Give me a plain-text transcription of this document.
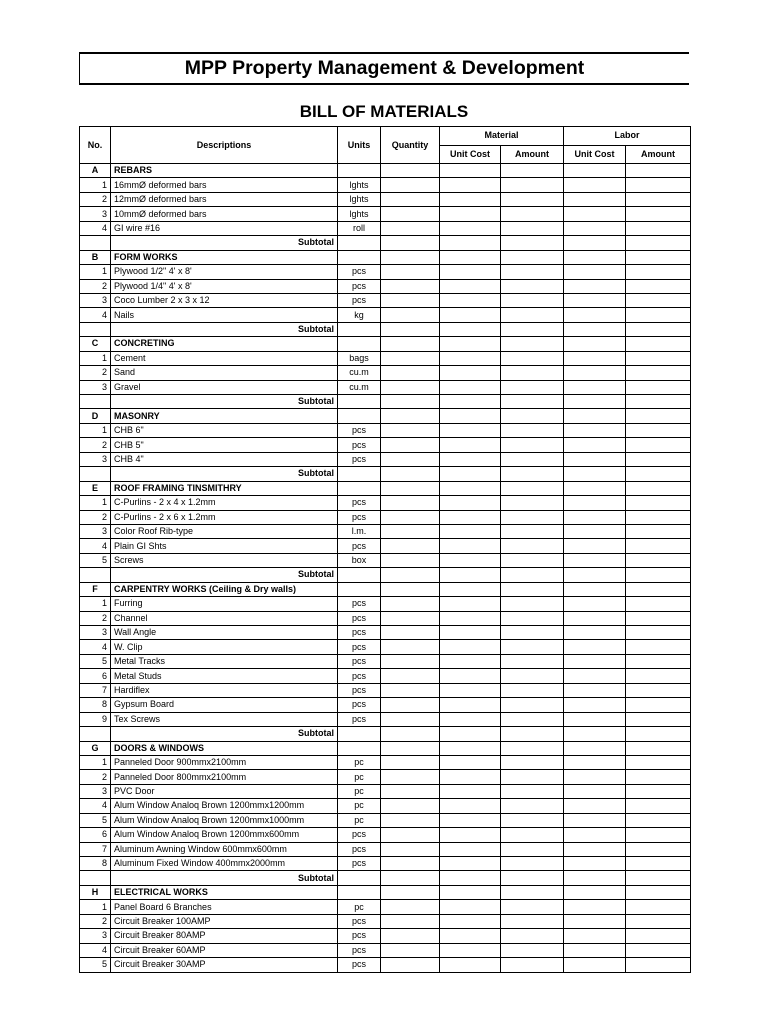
MPP Property Management & Development
BILL OF MATERIALS
No.	Descriptions	Units	Quantity	Material		Labor	
				Unit Cost	Amount	Unit Cost	Amount
A	REBARS						
1	16mmØ deformed bars	lghts					
2	12mmØ deformed bars	lghts					
3	10mmØ deformed bars	lghts					
4	GI wire #16	roll					
	Subtotal						
B	FORM WORKS						
1	Plywood 1/2" 4' x 8'	pcs					
2	Plywood 1/4" 4' x 8'	pcs					
3	Coco Lumber 2 x 3 x 12	pcs					
4	Nails	kg					
	Subtotal						
C	CONCRETING						
1	Cement	bags					
2	Sand	cu.m					
3	Gravel	cu.m					
	Subtotal						
D	MASONRY						
1	CHB 6"	pcs					
2	CHB 5"	pcs					
3	CHB 4"	pcs					
	Subtotal						
E	ROOF FRAMING TINSMITHRY						
1	C-Purlins - 2 x 4 x 1.2mm	pcs					
2	C-Purlins - 2 x 6 x 1.2mm	pcs					
3	Color Roof Rib-type	l.m.					
4	Plain GI Shts	pcs					
5	Screws	box					
	Subtotal						
F	CARPENTRY WORKS (Ceiling & Dry walls)						
1	Furring	pcs					
2	Channel	pcs					
3	Wall Angle	pcs					
4	W. Clip	pcs					
5	Metal Tracks	pcs					
6	Metal Studs	pcs					
7	Hardiflex	pcs					
8	Gypsum Board	pcs					
9	Tex Screws	pcs					
	Subtotal						
G	DOORS & WINDOWS						
1	Panneled Door 900mmx2100mm	pc					
2	Panneled Door 800mmx2100mm	pc					
3	PVC Door	pc					
4	Alum Window Analoq Brown 1200mmx1200mm	pc					
5	Alum Window Analoq Brown 1200mmx1000mm	pc					
6	Alum Window Analoq Brown 1200mmx600mm	pcs					
7	Aluminum Awning Window 600mmx600mm	pcs					
8	Aluminum Fixed Window 400mmx2000mm	pcs					
	Subtotal						
H	ELECTRICAL WORKS						
1	Panel Board 6 Branches	pc					
2	Circuit Breaker 100AMP	pcs					
3	Circuit Breaker 80AMP	pcs					
4	Circuit Breaker 60AMP	pcs					
5	Circuit Breaker 30AMP	pcs					
